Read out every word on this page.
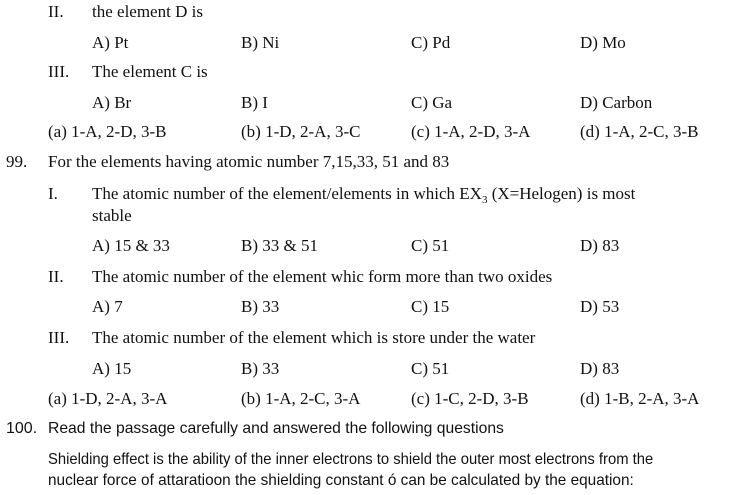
II. the element D is
A) Pt	B) Ni	C) Pd	D) Mo
III. The element C is
A) Br	B) I	C) Ga	D) Carbon
(a) 1-A, 2-D, 3-B	(b) 1-D, 2-A, 3-C	(c) 1-A, 2-D, 3-A	(d) 1-A, 2-C, 3-B
99. For the elements having atomic number 7,15,33, 51 and 83
I. The atomic number of the element/elements in which $EX_3$ (X=Helogen) is most
stable
A) 15 & 33	B) 33 & 51	C) 51	D) 83
II. The atomic number of the element whic form more than two oxides
A) 7	B) 33	C) 15	D) 53
III. The atomic number of the element which is store under the water
A) 15	B) 33	C) 51	D) 83
(a) 1-D, 2-A, 3-A	(b) 1-A, 2-C, 3-A	(c) 1-C, 2-D, 3-B	(d) 1-B, 2-A, 3-A
100. Read the passage carefully and answered the following questions
Shielding effect is the ability of the inner electrons to shield the outer most electrons from the
nuclear force of attaratioon the shielding constant ó can be calculated by the equation:
